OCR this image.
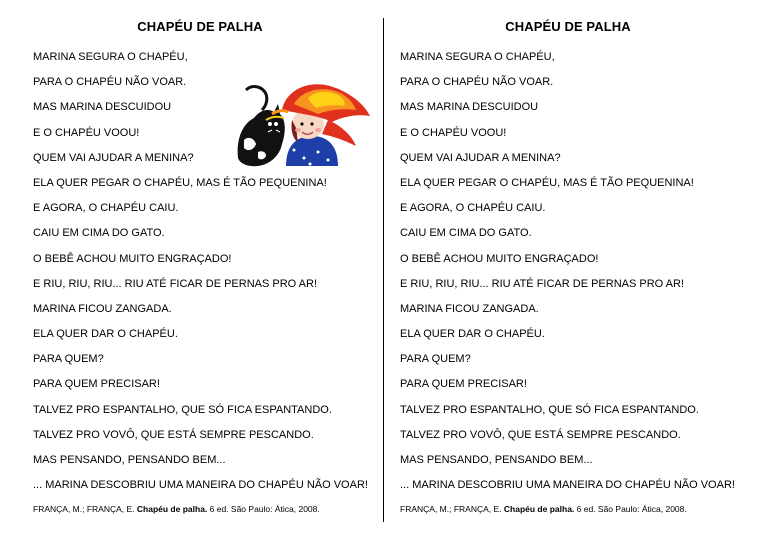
CHAPÉU DE PALHA
MARINA SEGURA O CHAPÉU,
PARA O CHAPÉU NÃO VOAR.
MAS MARINA DESCUIDOU
E O CHAPÉU VOOU!
QUEM VAI AJUDAR A MENINA?
ELA QUER PEGAR O CHAPÉU, MAS É TÃO PEQUENINA!
E AGORA, O CHAPÉU CAIU.
CAIU EM CIMA DO GATO.
O BEBÊ ACHOU MUITO ENGRAÇADO!
E RIU, RIU, RIU... RIU ATÉ FICAR DE PERNAS PRO AR!
MARINA FICOU ZANGADA.
ELA QUER DAR O CHAPÉU.
PARA QUEM?
PARA QUEM PRECISAR!
TALVEZ PRO ESPANTALHO, QUE SÓ FICA ESPANTANDO.
TALVEZ PRO VOVÔ, QUE ESTÁ SEMPRE PESCANDO.
MAS PENSANDO, PENSANDO BEM...
... MARINA DESCOBRIU UMA MANEIRA DO CHAPÉU NÃO VOAR!
FRANÇA, M.; FRANÇA, E. Chapéu de palha. 6 ed. São Paulo: Ática, 2008.
CHAPÉU DE PALHA
MARINA SEGURA O CHAPÉU,
PARA O CHAPÉU NÃO VOAR.
MAS MARINA DESCUIDOU
E O CHAPÉU VOOU!
QUEM VAI AJUDAR A MENINA?
ELA QUER PEGAR O CHAPÉU, MAS É TÃO PEQUENINA!
E AGORA, O CHAPÉU CAIU.
CAIU EM CIMA DO GATO.
O BEBÊ ACHOU MUITO ENGRAÇADO!
E RIU, RIU, RIU... RIU ATÉ FICAR DE PERNAS PRO AR!
MARINA FICOU ZANGADA.
ELA QUER DAR O CHAPÉU.
PARA QUEM?
PARA QUEM PRECISAR!
TALVEZ PRO ESPANTALHO, QUE SÓ FICA ESPANTANDO.
TALVEZ PRO VOVÔ, QUE ESTÁ SEMPRE PESCANDO.
MAS PENSANDO, PENSANDO BEM...
... MARINA DESCOBRIU UMA MANEIRA DO CHAPÉU NÃO VOAR!
FRANÇA, M.; FRANÇA, E. Chapéu de palha. 6 ed. São Paulo: Ática, 2008.
